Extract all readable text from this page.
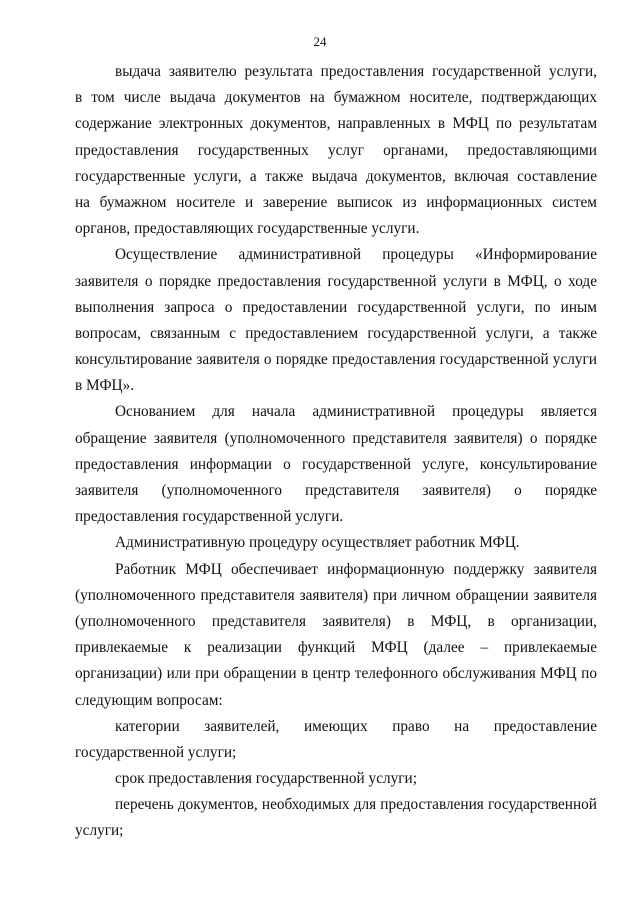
24
выдача заявителю результата предоставления государственной услуги,
в том числе выдача документов на бумажном носителе, подтверждающих
содержание электронных документов, направленных в МФЦ по результатам
предоставления государственных услуг органами, предоставляющими
государственные услуги, а также выдача документов, включая составление
на бумажном носителе и заверение выписок из информационных систем
органов, предоставляющих государственные услуги.
Осуществление административной процедуры «Информирование
заявителя о порядке предоставления государственной услуги в МФЦ, о ходе
выполнения запроса о предоставлении государственной услуги, по иным
вопросам, связанным с предоставлением государственной услуги, а также
консультирование заявителя о порядке предоставления государственной услуги
в МФЦ».
Основанием для начала административной процедуры является
обращение заявителя (уполномоченного представителя заявителя) о порядке
предоставления информации о государственной услуге, консультирование
заявителя (уполномоченного представителя заявителя) о порядке
предоставления государственной услуги.
Административную процедуру осуществляет работник МФЦ.
Работник МФЦ обеспечивает информационную поддержку заявителя
(уполномоченного представителя заявителя) при личном обращении заявителя
(уполномоченного представителя заявителя) в МФЦ, в организации,
привлекаемые к реализации функций МФЦ (далее – привлекаемые
организации) или при обращении в центр телефонного обслуживания МФЦ по
следующим вопросам:
категории заявителей, имеющих право на предоставление
государственной услуги;
срок предоставления государственной услуги;
перечень документов, необходимых для предоставления государственной
услуги;
